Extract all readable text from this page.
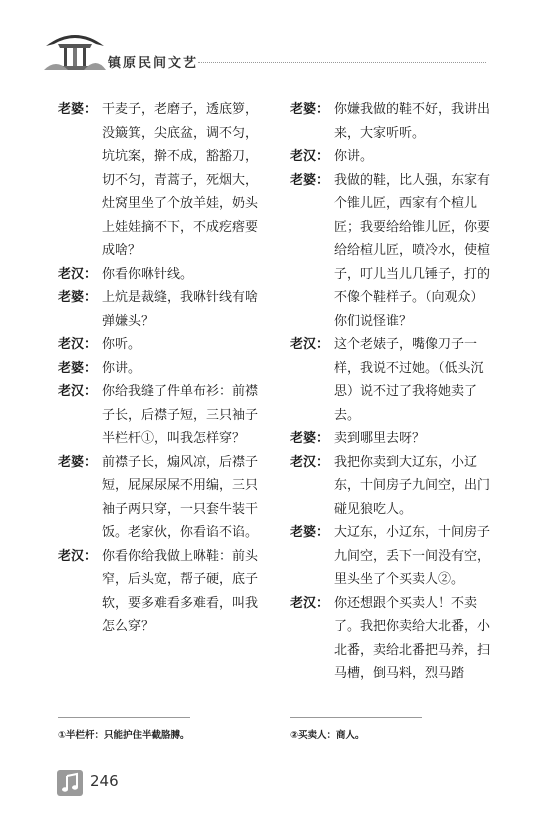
镇原民间文艺
老婆： 干麦子，老磨子，透底箩，没簸箕，尖底盆，调不匀，坑坑案，擀不成，豁豁刀，切不匀，青蒿子，死烟大，灶窝里坐了个放羊娃，奶头上娃娃摘不下，不成疙瘩要成啥？
老汉： 你看你咻针线。
老婆： 上炕是裁缝，我咻针线有啥弹嫌头？
老汉： 你听。
老婆： 你讲。
老汉： 你给我缝了件单布衫：前襟子长，后襟子短，三只袖子半栏杆①，叫我怎样穿？
老婆： 前襟子长，煽风凉，后襟子短，屁屎尿屎不用编，三只袖子两只穿，一只套牛装干饭。老家伙，你看谄不谄。
老汉： 你看你给我做上咻鞋：前头窄，后头宽，帮子硬，底子软，要多难看多难看，叫我怎么穿？
老婆： 你嫌我做的鞋不好，我讲出来，大家听听。
老汉： 你讲。
老婆： 我做的鞋，比人强，东家有个锥儿匠，西家有个楦儿匠；我要给给锥儿匠，你要给给楦儿匠，喷冷水，使楦子，叮儿当儿几锤子，打的不像个鞋样子。（向观众）你们说怪谁？
老汉： 这个老婊子，嘴像刀子一样，我说不过她。（低头沉思）说不过了我将她卖了去。
老婆： 卖到哪里去呀？
老汉： 我把你卖到大辽东，小辽东，十间房子九间空，出门碰见狼吃人。
老婆： 大辽东，小辽东，十间房子九间空，丢下一间没有空，里头坐了个买卖人②。
老汉： 你还想跟个买卖人！不卖了。我把你卖给大北番，小北番，卖给北番把马养，扫马槽，倒马料，烈马踏
①半栏杆：只能护住半截胳膊。	②买卖人：商人。
246
